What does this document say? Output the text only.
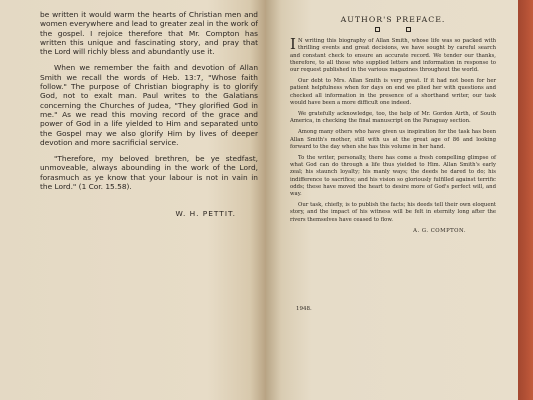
be written it would warm the hearts of Christian men and women everywhere and lead to greater zeal in the work of the gospel. I rejoice therefore that Mr. Compton has written this unique and fascinating story, and pray that the Lord will richly bless and abundantly use it.

When we remember the faith and devotion of Allan Smith we recall the words of Heb. 13:7, "Whose faith follow." The purpose of Christian biography is to glorify God, not to exalt man. Paul writes to the Galatians concerning the Churches of Judea, "They glorified God in me." As we read this moving record of the grace and power of God in a life yielded to Him and separated unto the Gospel may we also glorify Him by lives of deeper devotion and more sacrificial service.

"Therefore, my beloved brethren, be ye stedfast, unmoveable, always abounding in the work of the Lord, forasmuch as ye know that your labour is not in vain in the Lord." (1 Cor. 15.58).

W. H. PETTIT.

AUTHOR'S PREFACE.

I N writing this biography of Allan Smith, whose life was so packed with thrilling events and great decisions, we have sought by careful search and constant check to ensure an accurate record. We tender our thanks, therefore, to all those who supplied letters and information in response to our request published in the various magazines throughout the world.

Our debt to Mrs. Allan Smith is very great. If it had not been for her patient helpfulness when for days on end we plied her with questions and checked all information in the presence of a shorthand writer, our task would have been a more difficult one indeed.

We gratefully acknowledge, too, the help of Mr. Gordon Airth, of South America, in checking the final manuscript on the Paraguay section.

Among many others who have given us inspiration for the task has been Allan Smith's mother, still with us at the great age of 86 and looking forward to the day when she has this volume in her hand.

To the writer, personally, there has come a fresh compelling glimpse of what God can do through a life thus yielded to Him. Allan Smith's early zeal; his staunch loyalty; his manly ways; the deeds he dared to do; his indifference to sacrifice; and his vision so gloriously fulfilled against terrific odds; these have moved the heart to desire more of God's perfect will, and way.

Our task, chiefly, is to publish the facts; his deeds tell their own eloquent story, and the impact of his witness will be felt in eternity long after the rivers themselves have ceased to flow.

A. G. COMPTON.

1948.
